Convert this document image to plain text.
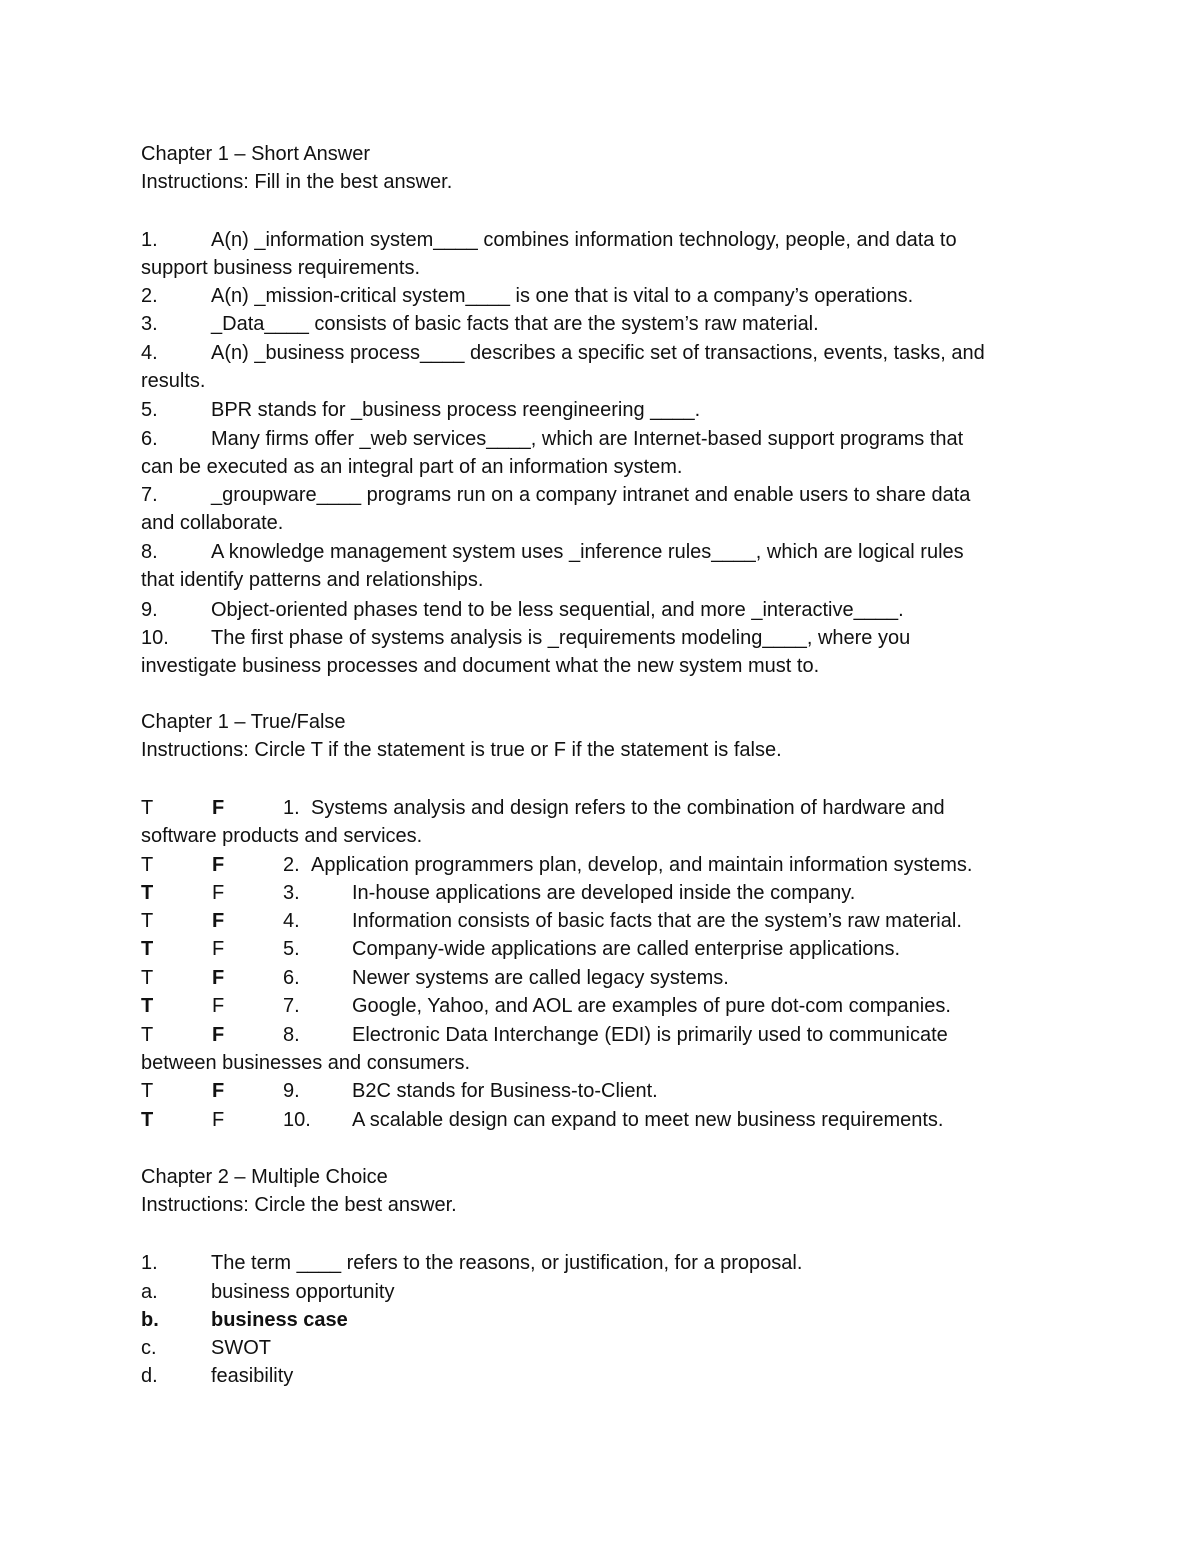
Chapter 1 – Short Answer
Instructions: Fill in the best answer.
1.	A(n) _information system____ combines information technology, people, and data to
support business requirements.
2.	A(n) _mission-critical system____ is one that is vital to a company’s operations.
3.	_Data____ consists of basic facts that are the system’s raw material.
4.	A(n) _business process____ describes a specific set of transactions, events, tasks, and
results.
5.	BPR stands for _business process reengineering ____.
6.	Many firms offer _web services____, which are Internet-based support programs that
can be executed as an integral part of an information system.
7.	_groupware____ programs run on a company intranet and enable users to share data
and collaborate.
8.	A knowledge management system uses _inference rules____, which are logical rules
that identify patterns and relationships.
9.	Object-oriented phases tend to be less sequential, and more _interactive____.
10. The first phase of systems analysis is _requirements modeling____, where you
investigate business processes and document what the new system must to.
Chapter 1 – True/False
Instructions: Circle T if the statement is true or F if the statement is false.
T	F	1. Systems analysis and design refers to the combination of hardware and
software products and services.
T	F	2. Application programmers plan, develop, and maintain information systems.
T	F	3.	In-house applications are developed inside the company.
T	F	4.	Information consists of basic facts that are the system’s raw material.
T	F	5.	Company-wide applications are called enterprise applications.
T	F	6.	Newer systems are called legacy systems.
T	F	7.	Google, Yahoo, and AOL are examples of pure dot-com companies.
T	F	8.	Electronic Data Interchange (EDI) is primarily used to communicate
between businesses and consumers.
T	F	9.	B2C stands for Business-to-Client.
T	F	10. A scalable design can expand to meet new business requirements.
Chapter 2 – Multiple Choice
Instructions: Circle the best answer.
1.	The term ____ refers to the reasons, or justification, for a proposal.
a.	business opportunity
b.	business case
c.	SWOT
d.	feasibility
